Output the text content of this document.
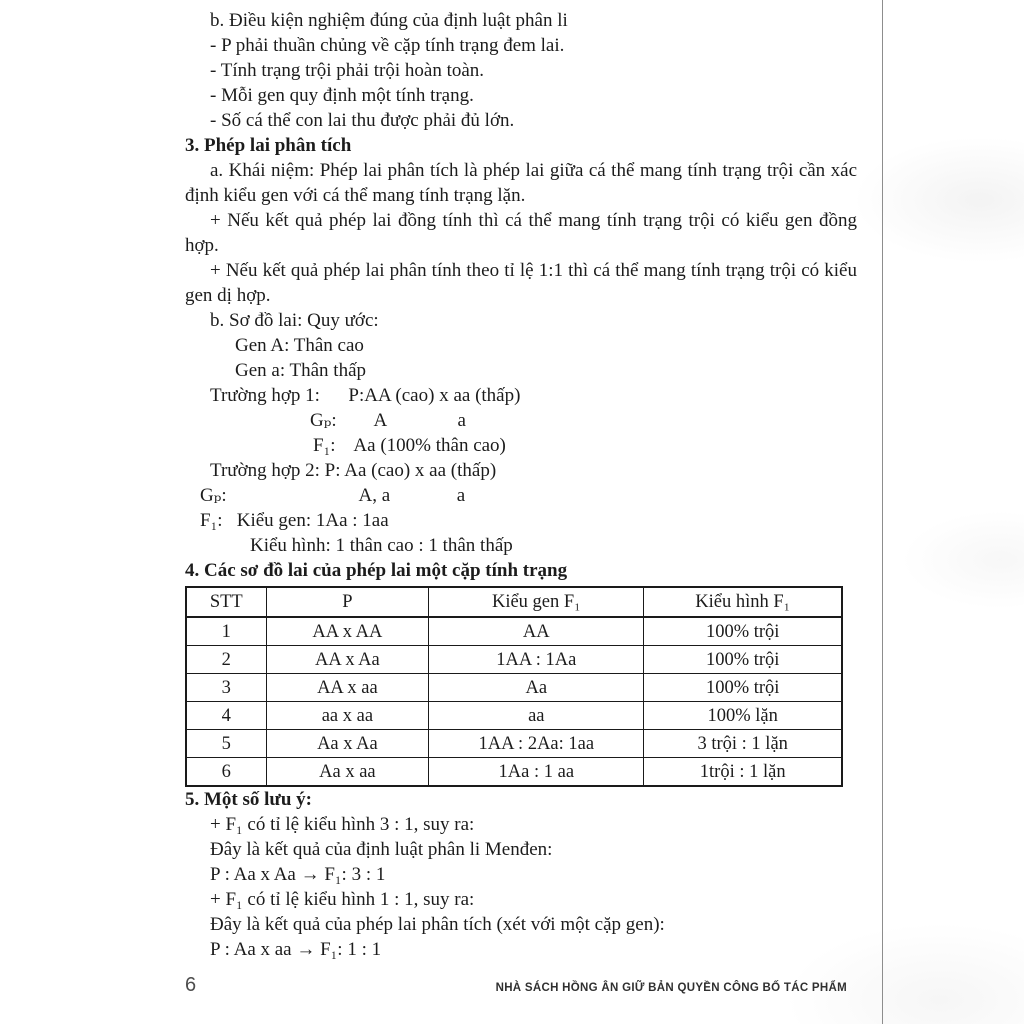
b. Điều kiện nghiệm đúng của định luật phân li

- P phải thuần chủng về cặp tính trạng đem lai.

- Tính trạng trội phải trội hoàn toàn.

- Mỗi gen quy định một tính trạng.

- Số cá thể con lai thu được phải đủ lớn.

3. Phép lai phân tích

a. Khái niệm: Phép lai phân tích là phép lai giữa cá thể mang tính trạng trội cần xác định kiểu gen với cá thể mang tính trạng lặn.

+ Nếu kết quả phép lai đồng tính thì cá thể mang tính trạng trội có kiểu gen đồng hợp.

+ Nếu kết quả phép lai phân tính theo tỉ lệ 1:1 thì cá thể mang tính trạng trội có kiểu gen dị hợp.

b. Sơ đồ lai: Quy ước:

Gen A: Thân cao

Gen a: Thân thấp

Trường hợp 1:      P:AA (cao) x aa (thấp)

Gₚ:        A               a

F₁:    Aa (100% thân cao)

Trường hợp 2: P: Aa (cao) x aa (thấp)

Gₚ:                            A, a              a

F₁:   Kiểu gen: 1Aa : 1aa

Kiểu hình: 1 thân cao : 1 thân thấp

4. Các sơ đồ lai của phép lai một cặp tính trạng

STT	P	Kiểu gen F₁	Kiểu hình F₁
1	AA x AA	AA	100% trội
2	AA x Aa	1AA : 1Aa	100% trội
3	AA x aa	Aa	100% trội
4	aa x aa	aa	100% lặn
5	Aa x Aa	1AA : 2Aa: 1aa	3 trội : 1 lặn
6	Aa x aa	1Aa : 1 aa	1trội : 1 lặn

5. Một số lưu ý:

+ F₁ có tỉ lệ kiểu hình 3 : 1, suy ra:

Đây là kết quả của định luật phân li Menđen:

P : Aa x Aa → F₁: 3 : 1

+ F₁ có tỉ lệ kiểu hình 1 : 1, suy ra:

Đây là kết quả của phép lai phân tích (xét với một cặp gen):

P : Aa x aa → F₁: 1 : 1

6	NHÀ SÁCH HỒNG ÂN GIỮ BẢN QUYỀN CÔNG BỐ TÁC PHẨM
